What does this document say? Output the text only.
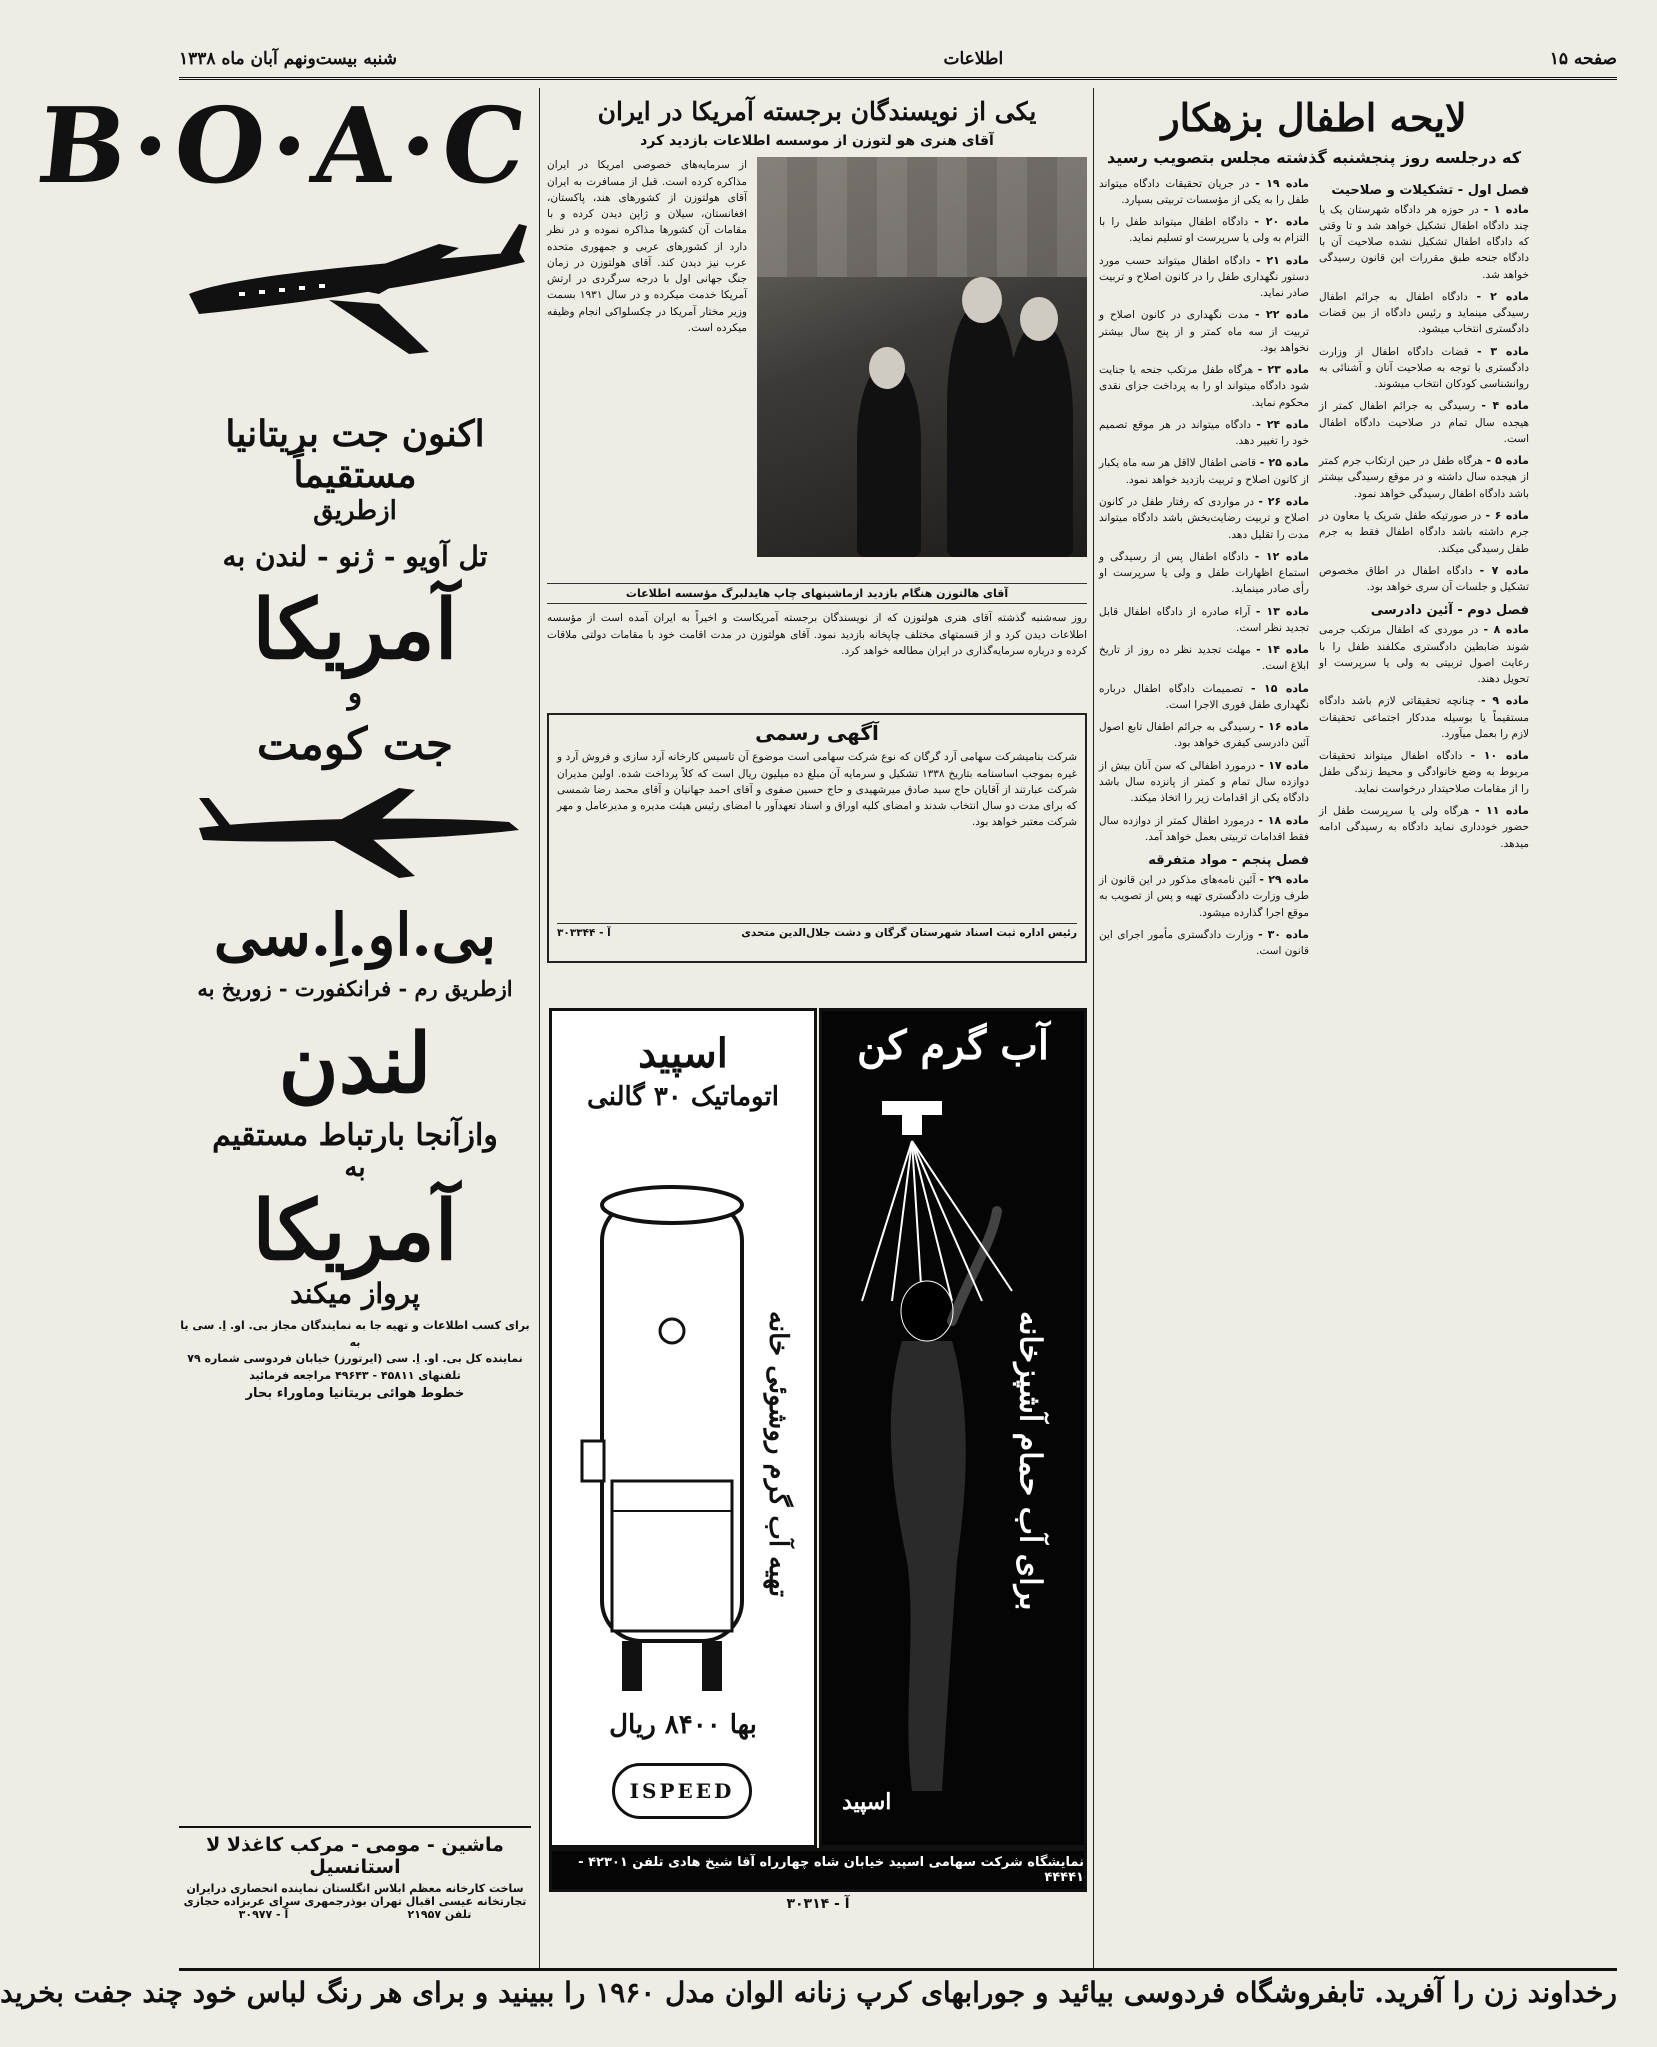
صفحه ۱۵
اطلاعات
شنبه بیست‌ونهم آبان ماه ۱۳۳۸
لایحه اطفال بزهکار
که درجلسه روز پنجشنبه گذشته مجلس بتصویب رسید
فصل اول - تشکیلات و صلاحیت
ماده ۱ - در حوزه هر دادگاه شهرستان یک یا چند دادگاه اطفال تشکیل خواهد شد و تا وقتی که دادگاه اطفال تشکیل نشده صلاحیت آن با دادگاه جنحه طبق مقررات این قانون رسیدگی خواهد شد.
ماده ۲ - دادگاه اطفال به جرائم اطفال رسیدگی مینماید و رئیس دادگاه از بین قضات دادگستری انتخاب میشود.
ماده ۳ - قضات دادگاه اطفال از وزارت دادگستری با توجه به صلاحیت آنان و آشنائی به روانشناسی کودکان انتخاب میشوند.
ماده ۴ - رسیدگی به جرائم اطفال کمتر از هیجده سال تمام در صلاحیت دادگاه اطفال است.
ماده ۵ - هرگاه طفل در حین ارتکاب جرم کمتر از هیجده سال داشته و در موقع رسیدگی بیشتر باشد دادگاه اطفال رسیدگی خواهد نمود.
ماده ۶ - در صورتیکه طفل شریک یا معاون در جرم داشته باشد دادگاه اطفال فقط به جرم طفل رسیدگی میکند.
ماده ۷ - دادگاه اطفال در اطاق مخصوص تشکیل و جلسات آن سری خواهد بود.
فصل دوم - آئین دادرسی
ماده ۸ - در موردی که اطفال مرتکب جرمی شوند ضابطین دادگستری مکلفند طفل را با رعایت اصول تربیتی به ولی یا سرپرست او تحویل دهند.
ماده ۹ - چنانچه تحقیقاتی لازم باشد دادگاه مستقیماً یا بوسیله مددکار اجتماعی تحقیقات لازم را بعمل میآورد.
ماده ۱۰ - دادگاه اطفال میتواند تحقیقات مربوط به وضع خانوادگی و محیط زندگی طفل را از مقامات صلاحیتدار درخواست نماید.
ماده ۱۱ - هرگاه ولی یا سرپرست طفل از حضور خودداری نماید دادگاه به رسیدگی ادامه میدهد.
ماده ۱۹ - در جریان تحقیقات دادگاه میتواند طفل را به یکی از مؤسسات تربیتی بسپارد.
ماده ۲۰ - دادگاه اطفال میتواند طفل را با التزام به ولی یا سرپرست او تسلیم نماید.
ماده ۲۱ - دادگاه اطفال میتواند حسب مورد دستور نگهداری طفل را در کانون اصلاح و تربیت صادر نماید.
ماده ۲۲ - مدت نگهداری در کانون اصلاح و تربیت از سه ماه کمتر و از پنج سال بیشتر نخواهد بود.
ماده ۲۳ - هرگاه طفل مرتکب جنحه یا جنایت شود دادگاه میتواند او را به پرداخت جزای نقدی محکوم نماید.
ماده ۲۴ - دادگاه میتواند در هر موقع تصمیم خود را تغییر دهد.
ماده ۲۵ - قاضی اطفال لااقل هر سه ماه یکبار از کانون اصلاح و تربیت بازدید خواهد نمود.
ماده ۲۶ - در مواردی که رفتار طفل در کانون اصلاح و تربیت رضایت‌بخش باشد دادگاه میتواند مدت را تقلیل دهد.
ماده ۱۲ - دادگاه اطفال پس از رسیدگی و استماع اظهارات طفل و ولی یا سرپرست او رأی صادر مینماید.
ماده ۱۳ - آراء صادره از دادگاه اطفال قابل تجدید نظر است.
ماده ۱۴ - مهلت تجدید نظر ده روز از تاریخ ابلاغ است.
ماده ۱۵ - تصمیمات دادگاه اطفال درباره نگهداری طفل فوری الاجرا است.
ماده ۱۶ - رسیدگی به جرائم اطفال تابع اصول آئین دادرسی کیفری خواهد بود.
ماده ۱۷ - درمورد اطفالی که سن آنان بیش از دوازده سال تمام و کمتر از پانزده سال باشد دادگاه یکی از اقدامات زیر را اتخاذ میکند.
ماده ۱۸ - درمورد اطفال کمتر از دوازده سال فقط اقدامات تربیتی بعمل خواهد آمد.
فصل پنجم - مواد متفرقه
ماده ۲۹ - آئین نامه‌های مذکور در این قانون از طرف وزارت دادگستری تهیه و پس از تصویب به موقع اجرا گذارده میشود.
ماده ۳۰ - وزارت دادگستری مأمور اجرای این قانون است.
یکی از نویسندگان برجسته آمریکا در ایران
آقای هنری هو لتوزن از موسسه اطلاعات بازدید کرد
از سرمایه‌های خصوصی امریکا در ایران مذاکره کرده است. قبل از مسافرت به ایران آقای هولتوزن از کشورهای هند، پاکستان، افغانستان، سیلان و ژاپن دیدن کرده و با مقامات آن کشورها مذاکره نموده و در نظر دارد از کشورهای عربی و جمهوری متحده عرب نیز دیدن کند. آقای هولتوزن در زمان جنگ جهانی اول با درجه سرگردی در ارتش آمریکا خدمت میکرده و در سال ۱۹۳۱ بسمت وزیر مختار آمریکا در چکسلواکی انجام وظیفه میکرده است.
آقای هالتوزن هنگام بازدید ازماشینهای چاپ هایدلبرگ مؤسسه اطلاعات
روز سه‌شنبه گذشته آقای هنری هولتوزن که از نویسندگان برجسته آمریکاست و اخیراً به ایران آمده است از مؤسسه اطلاعات دیدن کرد و از قسمتهای مختلف چاپخانه بازدید نمود. آقای هولتوزن در مدت اقامت خود با مقامات دولتی ملاقات کرده و درباره سرمایه‌گذاری در ایران مطالعه خواهد کرد.
آگهی رسمی
شرکت بنامیشرکت سهامی آرد گرگان که نوع شرکت سهامی است موضوع آن تاسیس کارخانه آرد سازی و فروش آرد و غیره بموجب اساسنامه بتاریخ ۱۳۳۸ تشکیل و سرمایه آن مبلغ ده میلیون ریال است که کلاً پرداخت شده. اولین مدیران شرکت عبارتند از آقایان حاج سید صادق میرشهیدی و حاج حسین صفوی و آقای احمد جهانیان و آقای محمد رضا شمسی که برای مدت دو سال انتخاب شدند و امضای کلیه اوراق و اسناد تعهدآور با امضای رئیس هیئت مدیره و مدیرعامل و مهر شرکت معتبر خواهد بود.
رئیس اداره ثبت اسناد شهرستان گرگان و دشت جلال‌الدین متحدی
آ - ۳۰۳۳۴۴
آب گرم کن
برای آب حمام آشپزخانه
اسپید
اسپید
اتوماتیک ۳۰ گالنی
تهیه آب گرم روشوئی خانه
بها ۸۴۰۰ ریال
ISPEED
نمایشگاه شرکت سهامی اسپید خیابان شاه چهارراه آقا شیخ هادی تلفن ۴۲۳۰۱ - ۴۴۴۴۱
آ - ۳۰۳۱۴
B·O·A·C
اکنون جت بریتانیا مستقیماً
ازطریق
تل آویو - ژنو - لندن به
آمریکا
و
جت کومت
بی.او.اِ.سی
ازطریق رم - فرانکفورت - زوریخ به
لندن
وازآنجا بارتباط مستقیم
به
آمریکا
پرواز میکند
برای کسب اطلاعات و تهیه جا به نمایندگان مجاز بی. او. اِ. سی یا به
نماینده کل بی. او. اِ. سی (ایرتورز) خیابان فردوسی شماره ۷۹
تلفنهای ۴۵۸۱۱ - ۴۹۶۴۳ مراجعه فرمائید
خطوط هوائی بریتانیا وماوراء بحار
ماشین - مومی - مرکب کاغذلا لا استانسیل
ساخت کارخانه معظم ابلاس انگلستان نماینده انحصاری درایران
تجارتخانه عیسی اقبال تهران بوذرجمهری سرای عربزاده حجازی
تلفن ۲۱۹۵۷
آ - ۳۰۹۷۷
رخداوند زن را آفرید. تابفروشگاه فردوسی بیائید و جورابهای کرپ زنانه الوان مدل ۱۹۶۰ را ببینید و برای هر رنگ لباس خود چند جفت بخرید
